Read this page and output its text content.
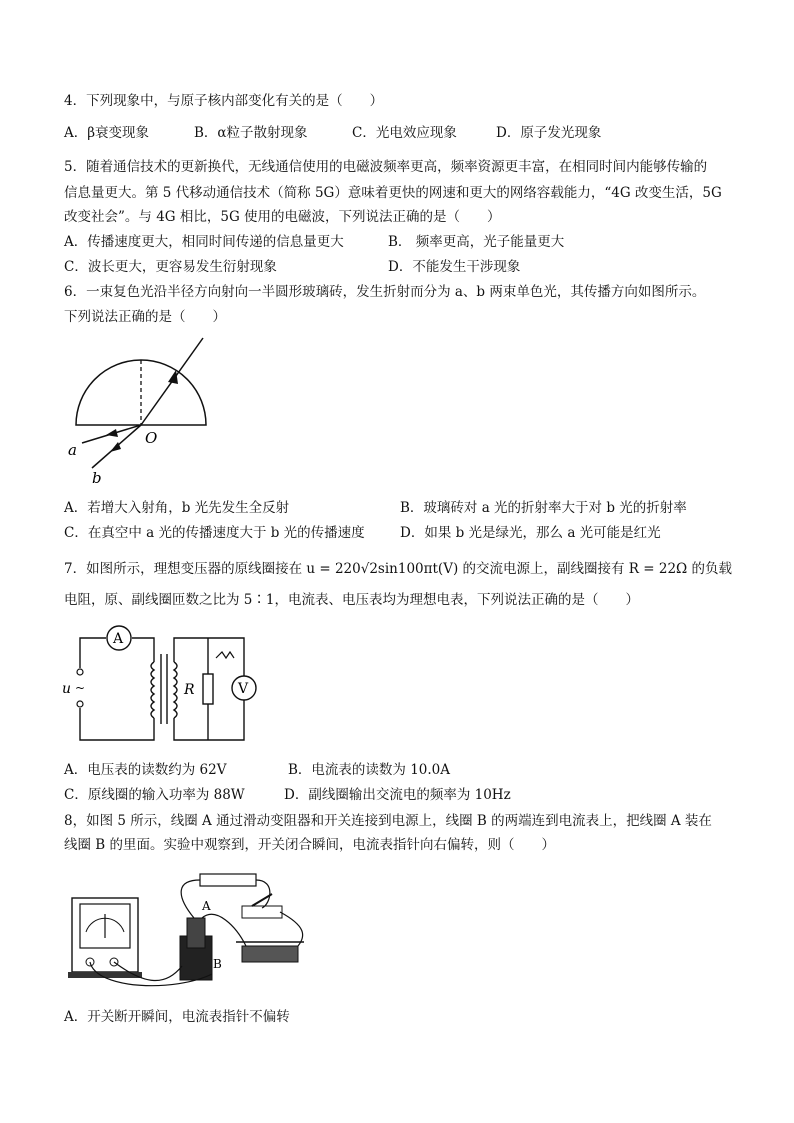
4．下列现象中，与原子核内部变化有关的是（　　）
A．β衰变现象	B．α粒子散射现象	C．光电效应现象	D．原子发光现象
5．随着通信技术的更新换代，无线通信使用的电磁波频率更高，频率资源更丰富，在相同时间内能够传输的
信息量更大。第 5 代移动通信技术（简称 5G）意味着更快的网速和更大的网络容载能力，“4G 改变生活，5G
改变社会”。与 4G 相比，5G 使用的电磁波，下列说法正确的是（　　）
A．传播速度更大，相同时间传递的信息量更大	B． 频率更高，光子能量更大
C．波长更大，更容易发生衍射现象	D．不能发生干涉现象
6．一束复色光沿半径方向射向一半圆形玻璃砖，发生折射而分为 a、b 两束单色光，其传播方向如图所示。
下列说法正确的是（　　）
O
a
b
A．若增大入射角，b 光先发生全反射	B．玻璃砖对 a 光的折射率大于对 b 光的折射率
C．在真空中 a 光的传播速度大于 b 光的传播速度	D．如果 b 光是绿光，那么 a 光可能是红光
7．如图所示，理想变压器的原线圈接在 u = 220√2sin100πt(V) 的交流电源上，副线圈接有 R = 22Ω 的负载
电阻，原、副线圈匝数之比为 5∶1，电流表、电压表均为理想电表，下列说法正确的是（　　）
A
u ~	R	V
A．电压表的读数约为 62V	B．电流表的读数为 10.0A
C．原线圈的输入功率为 88W	D．副线圈输出交流电的频率为 10Hz
8，如图 5 所示，线圈 A 通过滑动变阻器和开关连接到电源上，线圈 B 的两端连到电流表上，把线圈 A 装在
线圈 B 的里面。实验中观察到，开关闭合瞬间，电流表指针向右偏转，则（　　）
A
B
A．开关断开瞬间，电流表指针不偏转
